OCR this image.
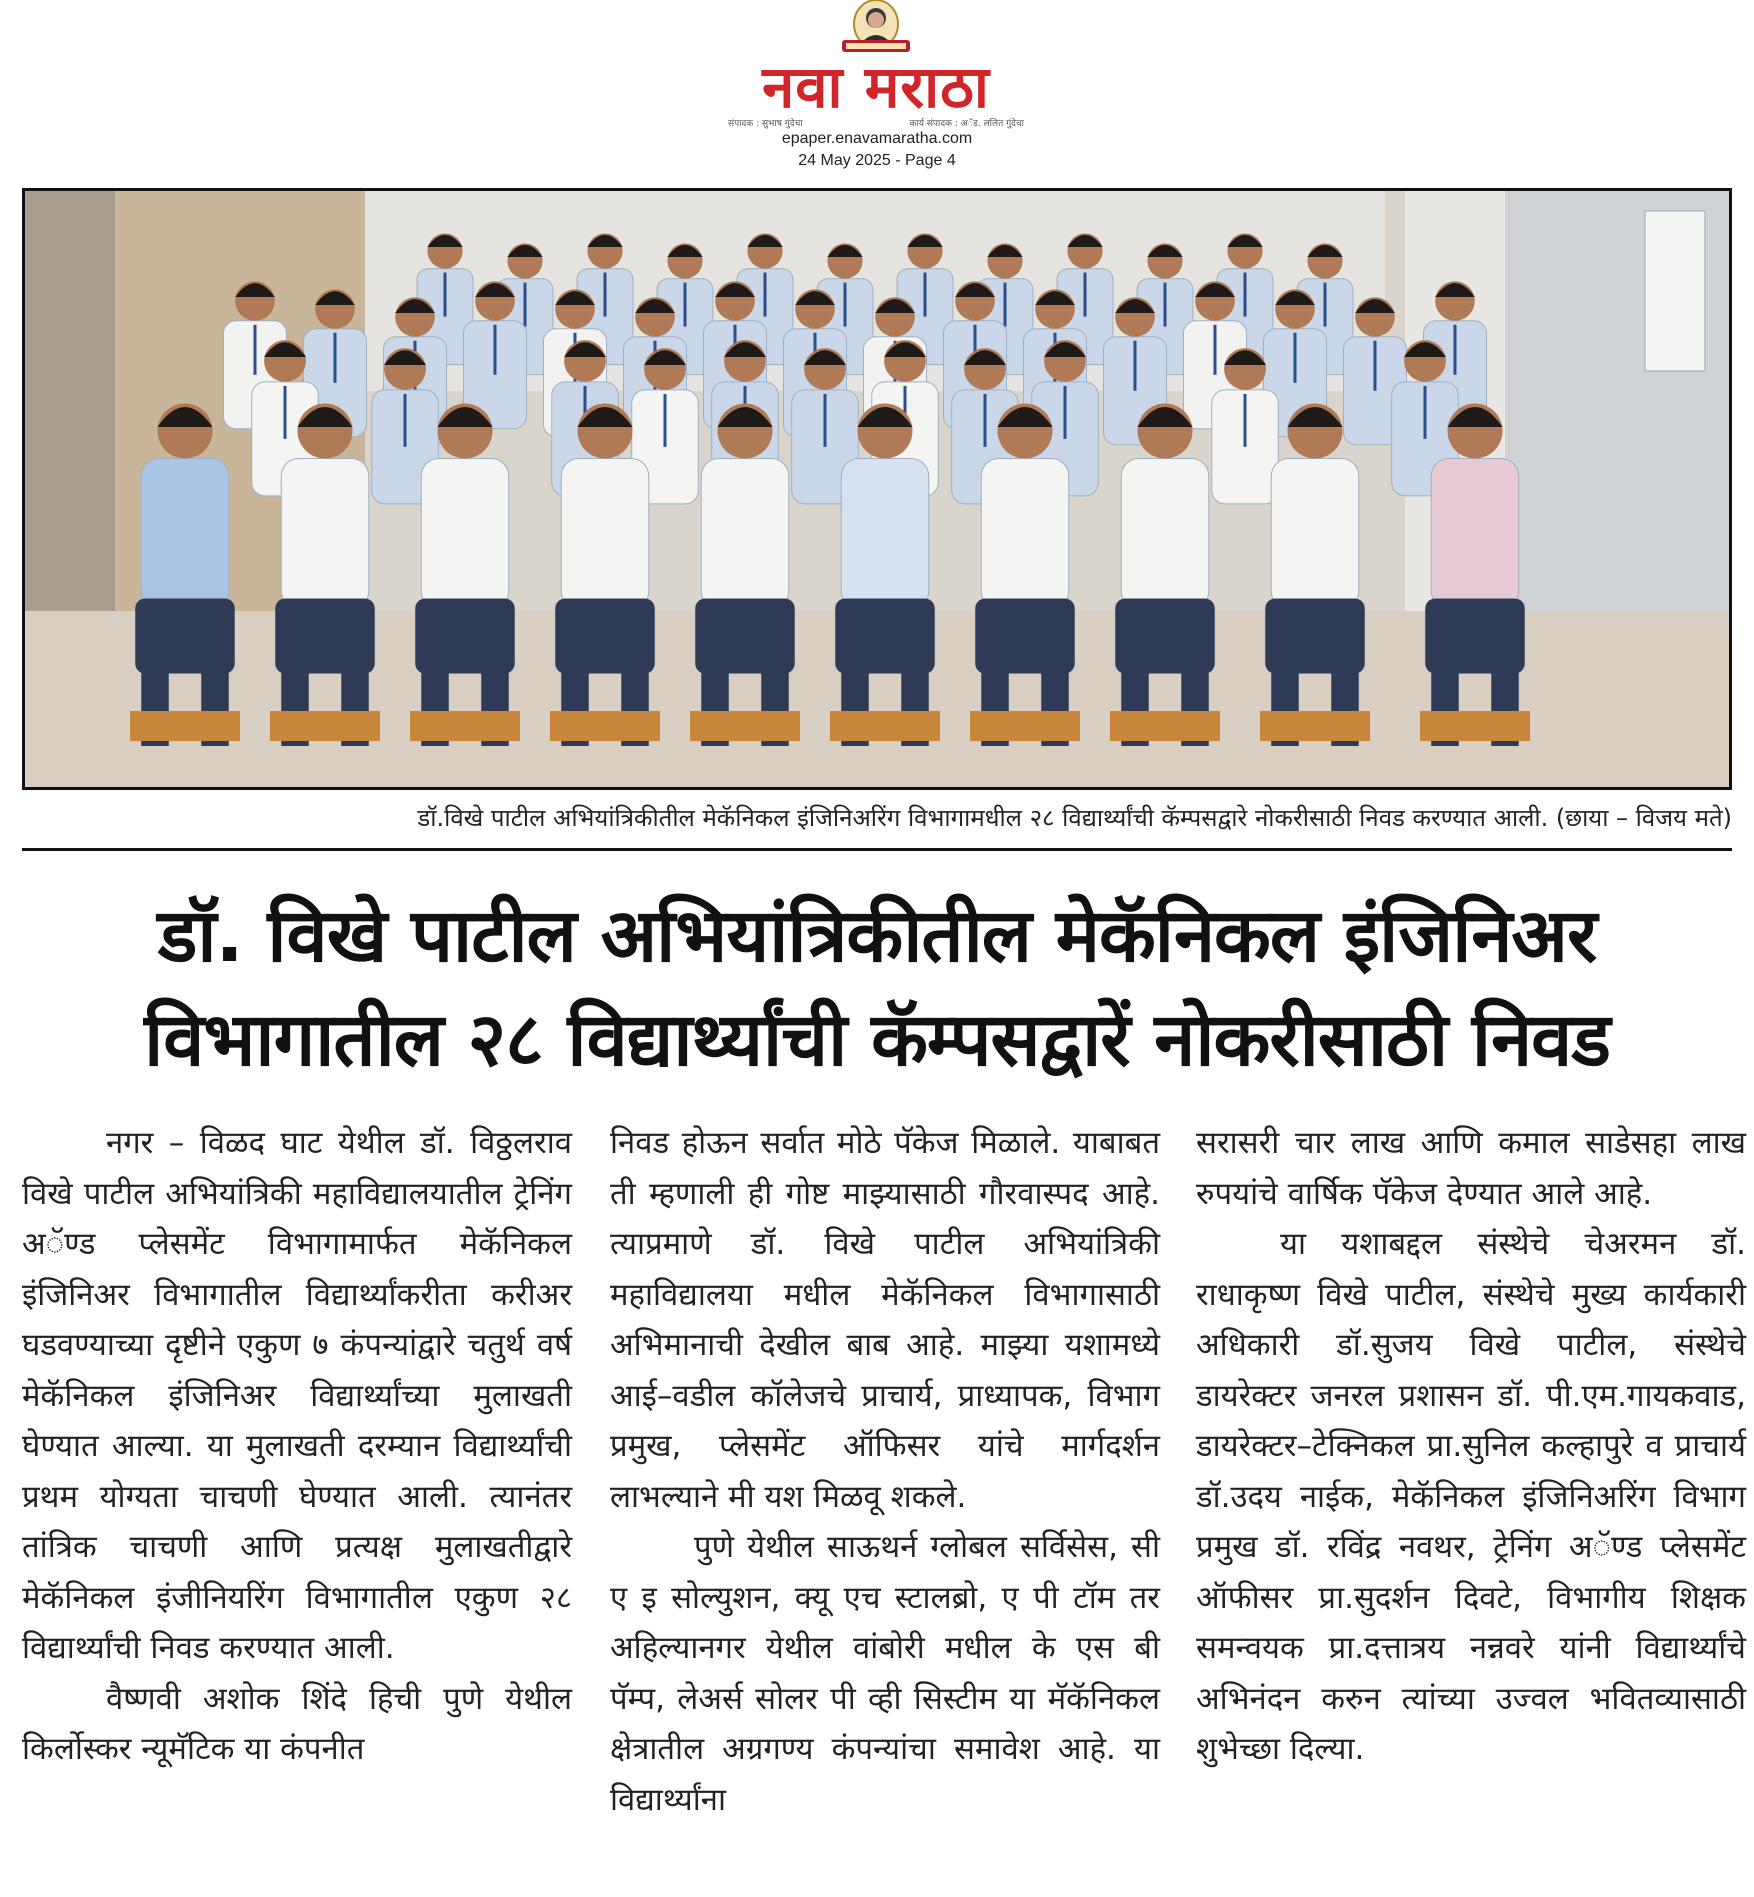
नवा मराठा
संपादक : सुभाष गुंदेचा	कार्य संपादक : अॅड. ललित गुंदेचा
epaper.enavamaratha.com
24 May 2025 - Page 4
डॉ.विखे पाटील अभियांत्रिकीतील मेकॅनिकल इंजिनिअरिंग विभागामधील २८ विद्यार्थ्यांची कॅम्पसद्वारे नोकरीसाठी निवड करण्यात आली. (छाया – विजय मते)
डॉ. विखे पाटील अभियांत्रिकीतील मेकॅनिकल इंजिनिअर
विभागातील २८ विद्यार्थ्यांची कॅम्पसद्वारें नोकरीसाठी निवड

नगर – विळद घाट येथील डॉ. विठ्ठलराव विखे पाटील अभियांत्रिकी महाविद्यालयातील ट्रेनिंग अॅण्ड प्लेसमेंट विभागामार्फत मेकॅनिकल इंजिनिअर विभागातील विद्यार्थ्यांकरीता करीअर घडवण्याच्या दृष्टीने एकुण ७ कंपन्यांद्वारे चतुर्थ वर्ष मेकॅनिकल इंजिनिअर विद्यार्थ्यांच्या मुलाखती घेण्यात आल्या. या मुलाखती दरम्यान विद्यार्थ्यांची प्रथम योग्यता चाचणी घेण्यात आली. त्यानंतर तांत्रिक चाचणी आणि प्रत्यक्ष मुलाखतीद्वारे मेकॅनिकल इंजीनियरिंग विभागातील एकुण २८ विद्यार्थ्यांची निवड करण्यात आली.

वैष्णवी अशोक शिंदे हिची पुणे येथील किर्लोस्कर न्यूमॅटिक या कंपनीत

निवड होऊन सर्वात मोठे पॅकेज मिळाले. याबाबत ती म्हणाली ही गोष्ट माझ्यासाठी गौरवास्पद आहे. त्याप्रमाणे डॉ. विखे पाटील अभियांत्रिकी महाविद्यालया मधील मेकॅनिकल विभागासाठी अभिमानाची देखील बाब आहे. माझ्या यशामध्ये आई–वडील कॉलेजचे प्राचार्य, प्राध्यापक, विभाग प्रमुख, प्लेसमेंट ऑफिसर यांचे मार्गदर्शन लाभल्याने मी यश मिळवू शकले.

पुणे येथील साऊथर्न ग्लोबल सर्विसेस, सी ए इ सोल्युशन, क्यू एच स्टालब्रो, ए पी टॉम तर अहिल्यानगर येथील वांबोरी मधील के एस बी पॅम्प, लेअर्स सोलर पी व्ही सिस्टीम या मॅकॅनिकल क्षेत्रातील अग्रगण्य कंपन्यांचा समावेश आहे. या विद्यार्थ्यांना

सरासरी चार लाख आणि कमाल साडेसहा लाख रुपयांचे वार्षिक पॅकेज देण्यात आले आहे.

या यशाबद्दल संस्थेचे चेअरमन डॉ. राधाकृष्ण विखे पाटील, संस्थेचे मुख्य कार्यकारी अधिकारी डॉ.सुजय विखे पाटील, संस्थेचे डायरेक्टर जनरल प्रशासन डॉ. पी.एम.गायकवाड, डायरेक्टर–टेक्निकल प्रा.सुनिल कल्हापुरे व प्राचार्य डॉ.उदय नाईक, मेकॅनिकल इंजिनिअरिंग विभाग प्रमुख डॉ. रविंद्र नवथर, ट्रेनिंग अॅण्ड प्लेसमेंट ऑफीसर प्रा.सुदर्शन दिवटे, विभागीय शिक्षक समन्वयक प्रा.दत्तात्रय नन्नवरे यांनी विद्यार्थ्यांचे अभिनंदन करुन त्यांच्या उज्वल भवितव्यासाठी शुभेच्छा दिल्या.
